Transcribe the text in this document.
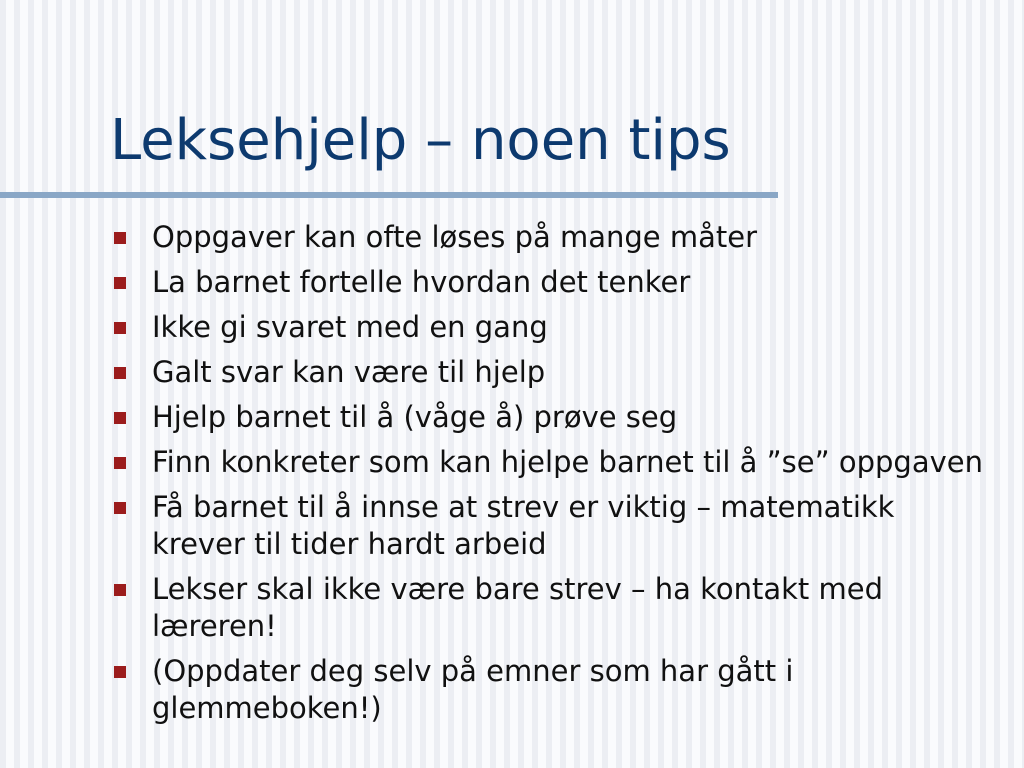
Leksehjelp – noen tips
Oppgaver kan ofte løses på mange måter
La barnet fortelle hvordan det tenker
Ikke gi svaret med en gang
Galt svar kan være til hjelp
Hjelp barnet til å (våge å) prøve seg
Finn konkreter som kan hjelpe barnet til å ”se” oppgaven
Få barnet til å innse at strev er viktig – matematikk krever til tider hardt arbeid
Lekser skal ikke være bare strev – ha kontakt med læreren!
(Oppdater deg selv på emner som har gått i glemmeboken!)
